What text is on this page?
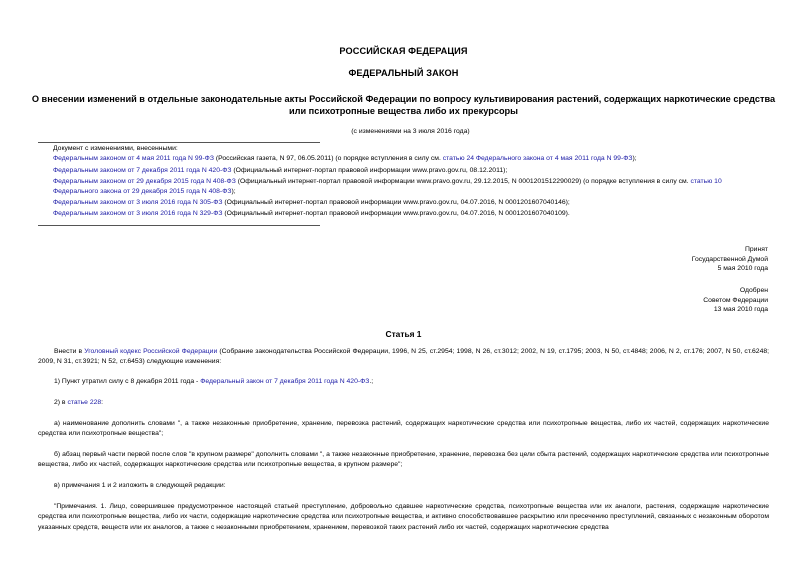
РОССИЙСКАЯ ФЕДЕРАЦИЯ
ФЕДЕРАЛЬНЫЙ ЗАКОН
О внесении изменений в отдельные законодательные акты Российской Федерации по вопросу культивирования растений, содержащих наркотические средства
или психотропные вещества либо их прекурсоры
(с изменениями на 3 июля 2016 года)
Документ с изменениями, внесенными:
Федеральным законом от 4 мая 2011 года N 99-ФЗ (Российская газета, N 97, 06.05.2011) (о порядке вступления в силу см. статью 24 Федерального закона от 4 мая 2011 года N 99-ФЗ);
Федеральным законом от 7 декабря 2011 года N 420-ФЗ (Официальный интернет-портал правовой информации www.pravo.gov.ru, 08.12.2011);
Федеральным законом от 29 декабря 2015 года N 408-ФЗ (Официальный интернет-портал правовой информации www.pravo.gov.ru, 29.12.2015, N 0001201512290029) (о порядке вступления в силу см. статью 10
Федерального закона от 29 декабря 2015 года N 408-ФЗ);
Федеральным законом от 3 июля 2016 года N 305-ФЗ (Официальный интернет-портал правовой информации www.pravo.gov.ru, 04.07.2016, N 0001201607040146);
Федеральным законом от 3 июля 2016 года N 329-ФЗ (Официальный интернет-портал правовой информации www.pravo.gov.ru, 04.07.2016, N 0001201607040109).
Принят
Государственной Думой
5 мая 2010 года
Одобрен
Советом Федерации
13 мая 2010 года
Статья 1
Внести в Уголовный кодекс Российской Федерации (Собрание законодательства Российской Федерации, 1996, N 25, ст.2954; 1998, N 26, ст.3012; 2002, N 19, ст.1795; 2003, N 50, ст.4848; 2006, N 2, ст.176; 2007, N 50, ст.6248; 2009, N 31, ст.3921; N 52, ст.6453) следующие изменения:
1) Пункт утратил силу с 8 декабря 2011 года - Федеральный закон от 7 декабря 2011 года N 420-ФЗ.;
2) в статье 228:
а) наименование дополнить словами ", а также незаконные приобретение, хранение, перевозка растений, содержащих наркотические средства или психотропные вещества, либо их частей, содержащих наркотические средства или психотропные вещества";
б) абзац первый части первой после слов "в крупном размере" дополнить словами ", а также незаконные приобретение, хранение, перевозка без цели сбыта растений, содержащих наркотические средства или психотропные вещества, либо их частей, содержащих наркотические средства или психотропные вещества, в крупном размере";
в) примечания 1 и 2 изложить в следующей редакции:
"Примечания. 1. Лицо, совершившее предусмотренное настоящей статьей преступление, добровольно сдавшее наркотические средства, психотропные вещества или их аналоги, растения, содержащие наркотические средства или психотропные вещества, либо их части, содержащие наркотические средства или психотропные вещества, и активно способствовавшее раскрытию или пресечению преступлений, связанных с незаконным оборотом указанных средств, веществ или их аналогов, а также с незаконными приобретением, хранением, перевозкой таких растений либо их частей, содержащих наркотические средства
